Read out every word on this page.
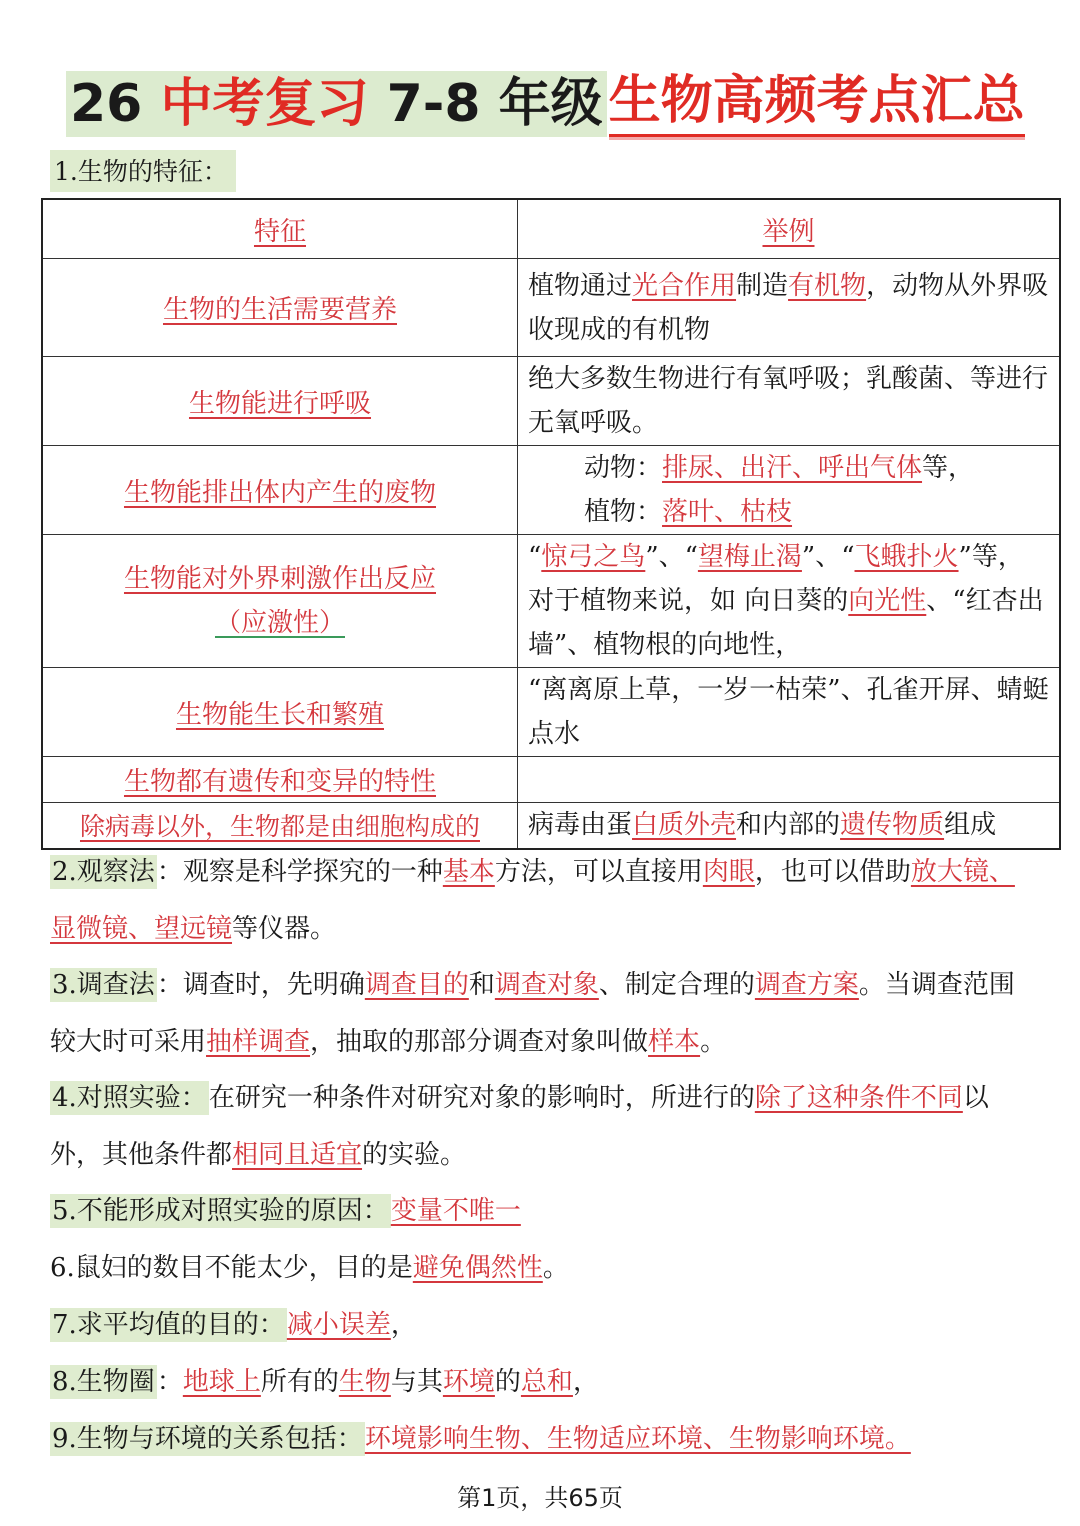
26 中考复习 7-8 年级 生物高频考点汇总
1.生物的特征：
特征	举例
生物的生活需要营养	植物通过光合作用制造有机物，动物从外界吸收现成的有机物
生物能进行呼吸	绝大多数生物进行有氧呼吸；乳酸菌、等进行无氧呼吸。
生物能排出体内产生的废物	动物：排尿、出汗、呼出气体等，
植物：落叶、枯枝

生物能对外界刺激作出反应
（应激性）	“惊弓之鸟”、“望梅止渴”、“飞蛾扑火”等，对于植物来说，如 向日葵的向光性、“红杏出墙”、植物根的向地性，
生物能生长和繁殖	“离离原上草，一岁一枯荣”、孔雀开屏、蜻蜓点水
生物都有遗传和变异的特性	
除病毒以外，生物都是由细胞构成的	病毒由蛋白质外壳和内部的遗传物质组成
2.观察法：观察是科学探究的一种基本方法，可以直接用肉眼，也可以借助放大镜、显微镜、望远镜等仪器。
3.调查法：调查时，先明确调查目的和调查对象、制定合理的调查方案。当调查范围较大时可采用抽样调查，抽取的那部分调查对象叫做样本。
4.对照实验：在研究一种条件对研究对象的影响时，所进行的除了这种条件不同以外，其他条件都相同且适宜的实验。
5.不能形成对照实验的原因：变量不唯一
6.鼠妇的数目不能太少，目的是避免偶然性。
7.求平均值的目的：减小误差，
8.生物圈：地球上所有的生物与其环境的总和，
9.生物与环境的关系包括：环境影响生物、生物适应环境、生物影响环境。
第1页，共65页
